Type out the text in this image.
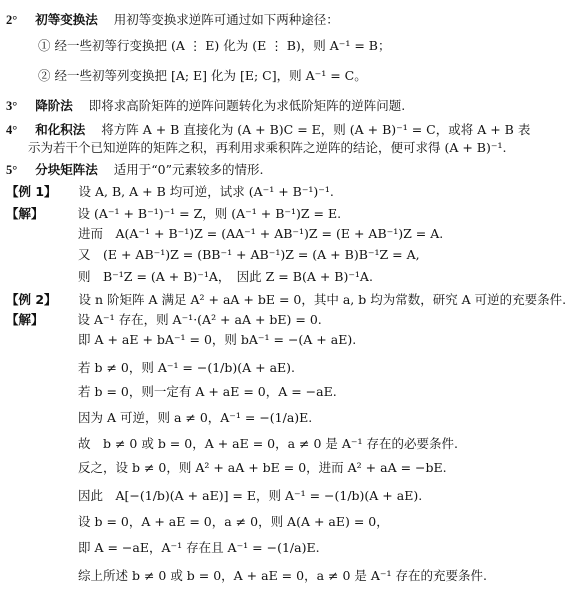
2° 初等变换法 用初等变换求逆阵可通过如下两种途径：
① 经一些初等行变换把 (A ⋮ E) 化为 (E ⋮ B)，则 A⁻¹ = B；
② 经一些初等列变换把 [A; E] 化为 [E; C]，则 A⁻¹ = C。
3° 降阶法 即将求高阶矩阵的逆阵问题转化为求低阶矩阵的逆阵问题.
4° 和化积法 将方阵 A + B 直接化为 (A + B)C = E，则 (A + B)⁻¹ = C，或将 A + B 表
示为若干个已知逆阵的矩阵之积，再利用求乘积阵之逆阵的结论，便可求得 (A + B)⁻¹.
5° 分块矩阵法 适用于“0”元素较多的情形.
【例 1】 设 A, B, A + B 均可逆，试求 (A⁻¹ + B⁻¹)⁻¹.
【解】	设 (A⁻¹ + B⁻¹)⁻¹ = Z，则 (A⁻¹ + B⁻¹)Z = E.
进而　A(A⁻¹ + B⁻¹)Z = (AA⁻¹ + AB⁻¹)Z = (E + AB⁻¹)Z = A.
又　(E + AB⁻¹)Z = (BB⁻¹ + AB⁻¹)Z = (A + B)B⁻¹Z = A,
则　B⁻¹Z = (A + B)⁻¹A，　因此 Z = B(A + B)⁻¹A.
【例 2】 设 n 阶矩阵 A 满足 A² + aA + bE = 0，其中 a, b 均为常数，研究 A 可逆的充要条件.
【解】	设 A⁻¹ 存在，则 A⁻¹·(A² + aA + bE) = 0.
即 A + aE + bA⁻¹ = 0，则 bA⁻¹ = −(A + aE).
若 b ≠ 0，则 A⁻¹ = −(1/b)(A + aE).
若 b = 0，则一定有 A + aE = 0，A = −aE.
因为 A 可逆，则 a ≠ 0，A⁻¹ = −(1/a)E.
故　b ≠ 0 或 b = 0，A + aE = 0，a ≠ 0 是 A⁻¹ 存在的必要条件.
反之，设 b ≠ 0，则 A² + aA + bE = 0，进而 A² + aA = −bE.
因此　A[−(1/b)(A + aE)] = E，则 A⁻¹ = −(1/b)(A + aE).
设 b = 0，A + aE = 0，a ≠ 0，则 A(A + aE) = 0，
即 A = −aE，A⁻¹ 存在且 A⁻¹ = −(1/a)E.
综上所述 b ≠ 0 或 b = 0，A + aE = 0，a ≠ 0 是 A⁻¹ 存在的充要条件.
